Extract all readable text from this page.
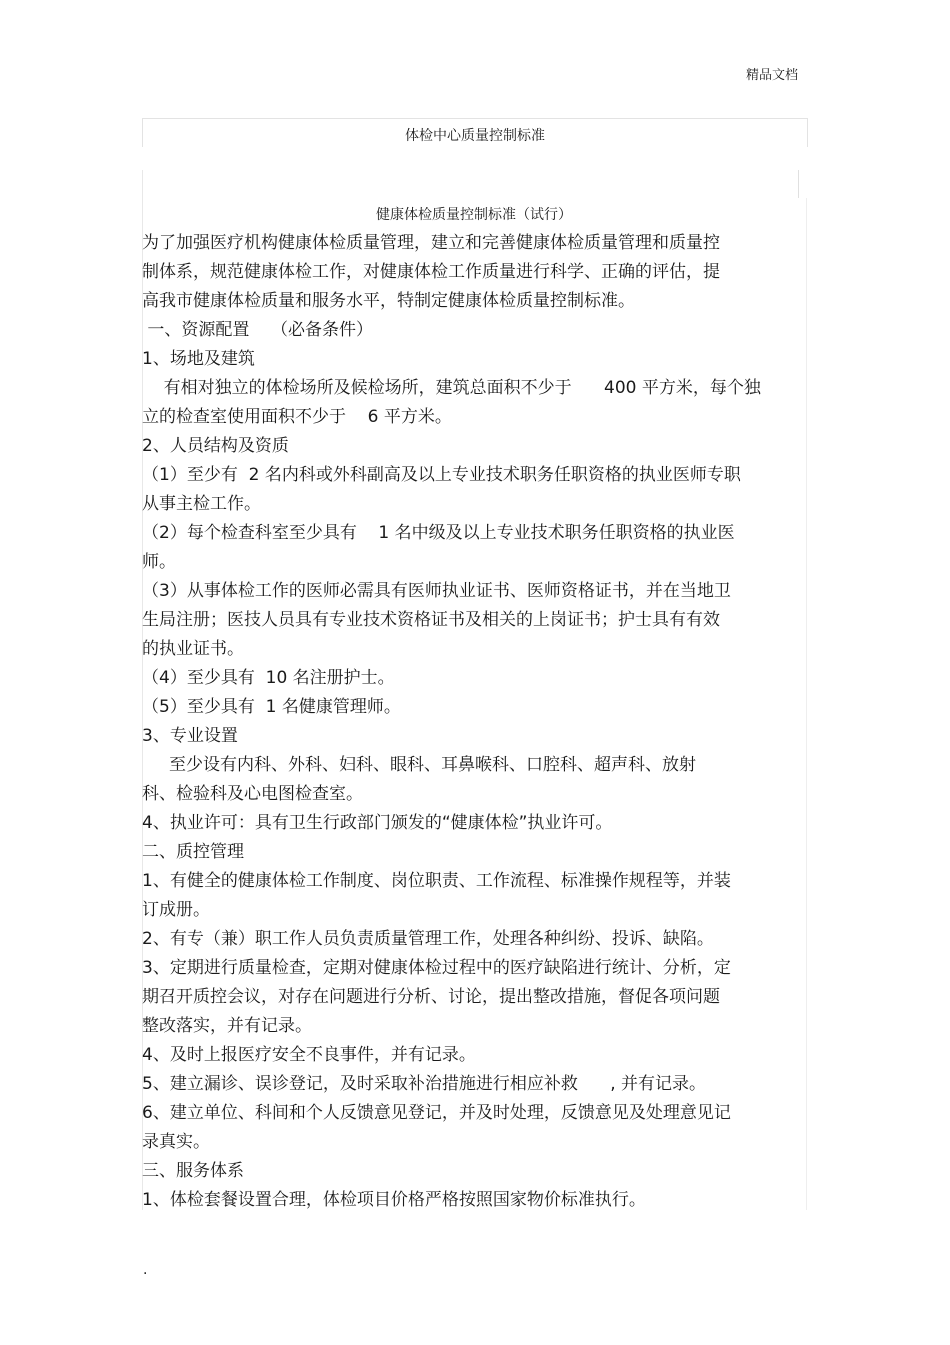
精品文档
体检中心质量控制标准
健康体检质量控制标准（试行）
为了加强医疗机构健康体检质量管理，建立和完善健康体检质量管理和质量控
制体系，规范健康体检工作，对健康体检工作质量进行科学、正确的评估，提
高我市健康体检质量和服务水平，特制定健康体检质量控制标准。
一、资源配置    （必备条件）
1、场地及建筑
有相对独立的体检场所及候检场所，建筑总面积不少于      400 平方米，每个独
立的检查室使用面积不少于    6 平方米。
2、人员结构及资质
（1）至少有  2 名内科或外科副高及以上专业技术职务任职资格的执业医师专职
从事主检工作。
（2）每个检查科室至少具有    1 名中级及以上专业技术职务任职资格的执业医
师。
（3）从事体检工作的医师必需具有医师执业证书、医师资格证书，并在当地卫
生局注册；医技人员具有专业技术资格证书及相关的上岗证书；护士具有有效
的执业证书。
（4）至少具有  10 名注册护士。
（5）至少具有  1 名健康管理师。
3、专业设置
至少设有内科、外科、妇科、眼科、耳鼻喉科、口腔科、超声科、放射
科、检验科及心电图检查室。
4、执业许可：具有卫生行政部门颁发的“健康体检”执业许可。
二、质控管理
1、有健全的健康体检工作制度、岗位职责、工作流程、标准操作规程等，并装
订成册。
2、有专（兼）职工作人员负责质量管理工作，处理各种纠纷、投诉、缺陷。
3、定期进行质量检查，定期对健康体检过程中的医疗缺陷进行统计、分析，定
期召开质控会议，对存在问题进行分析、讨论，提出整改措施，督促各项问题
整改落实，并有记录。
4、及时上报医疗安全不良事件，并有记录。
5、建立漏诊、误诊登记，及时采取补治措施进行相应补救      , 并有记录。
6、建立单位、科间和个人反馈意见登记，并及时处理，反馈意见及处理意见记
录真实。
三、服务体系
1、体检套餐设置合理，体检项目价格严格按照国家物价标准执行。
.
